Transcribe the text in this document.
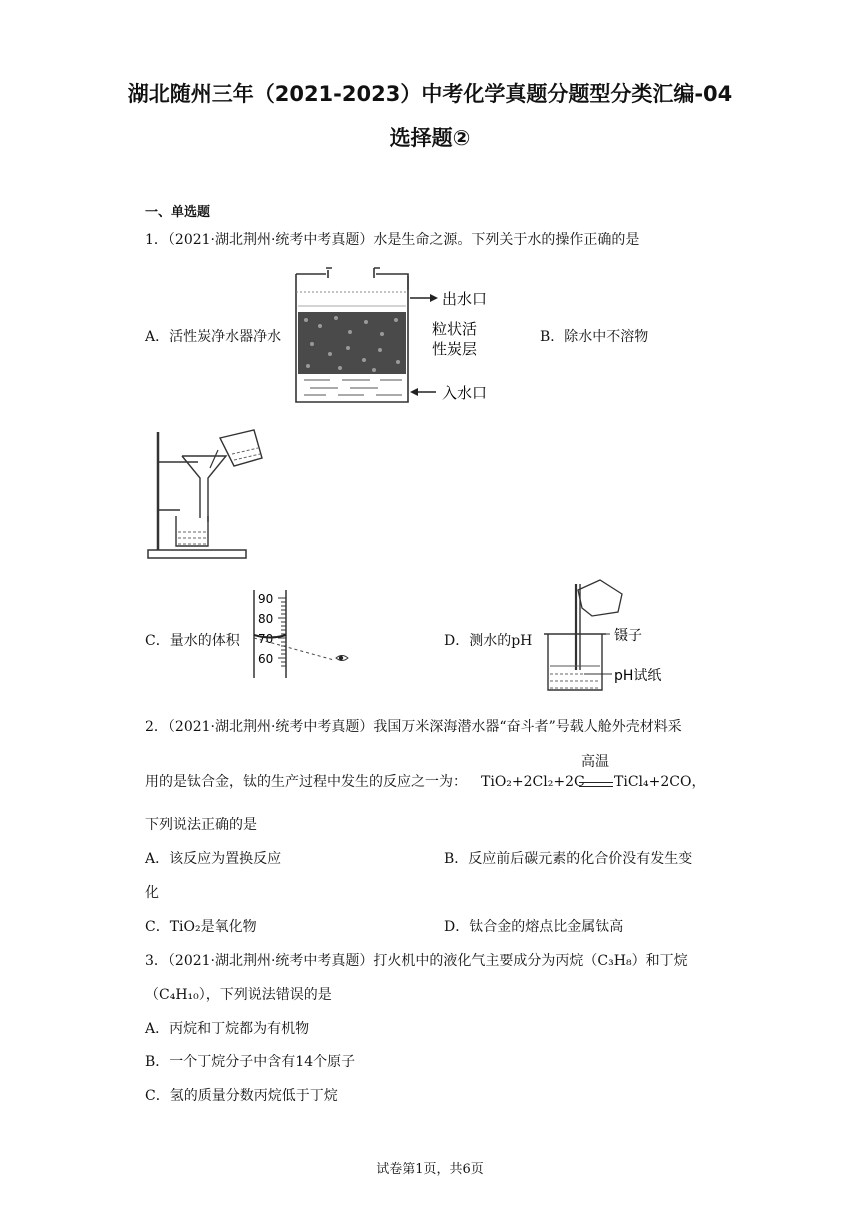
湖北随州三年（2021-2023）中考化学真题分题型分类汇编-04
选择题②
一、单选题
1．（2021·湖北荆州·统考中考真题）水是生命之源。下列关于水的操作正确的是
A．活性炭净水器净水
出水口
粒状活
性炭层
入水口
B．除水中不溶物
C．量水的体积
90
80
70
60
D．测水的pH	镊子
pH试纸
2．（2021·湖北荆州·统考中考真题）我国万米深海潜水器“奋斗者”号载人舱外壳材料采
用的是钛合金，钛的生产过程中发生的反应之一为： TiO₂+2Cl₂+2C
高温
TiCl₄+2CO，
下列说法正确的是
A．该反应为置换反应	B．反应前后碳元素的化合价没有发生变
化
C．TiO₂是氧化物	D．钛合金的熔点比金属钛高
3．（2021·湖北荆州·统考中考真题）打火机中的液化气主要成分为丙烷（C₃H₈）和丁烷
（C₄H₁₀），下列说法错误的是
A．丙烷和丁烷都为有机物
B．一个丁烷分子中含有14个原子
C．氢的质量分数丙烷低于丁烷
试卷第1页，共6页
